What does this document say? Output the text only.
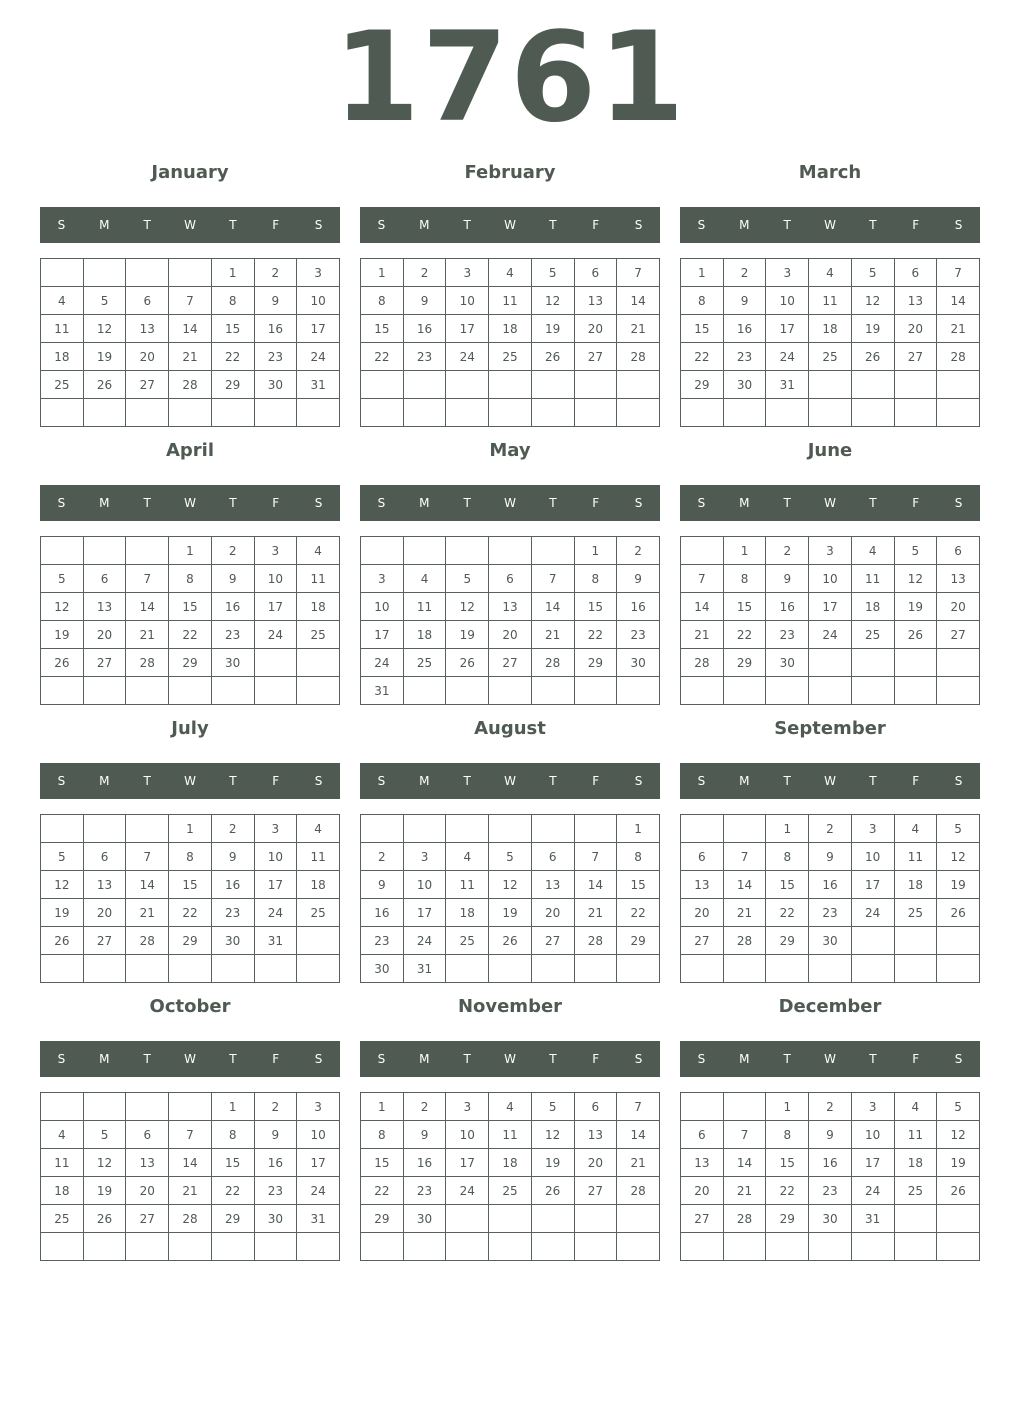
1761
January
S	M	T	W	T	F	S
				1	2	3
4	5	6	7	8	9	10
11	12	13	14	15	16	17
18	19	20	21	22	23	24
25	26	27	28	29	30	31

February
S	M	T	W	T	F	S
1	2	3	4	5	6	7
8	9	10	11	12	13	14
15	16	17	18	19	20	21
22	23	24	25	26	27	28

March
S	M	T	W	T	F	S
1	2	3	4	5	6	7
8	9	10	11	12	13	14
15	16	17	18	19	20	21
22	23	24	25	26	27	28
29	30	31				

April
S	M	T	W	T	F	S
			1	2	3	4
5	6	7	8	9	10	11
12	13	14	15	16	17	18
19	20	21	22	23	24	25
26	27	28	29	30		

May
S	M	T	W	T	F	S
					1	2
3	4	5	6	7	8	9
10	11	12	13	14	15	16
17	18	19	20	21	22	23
24	25	26	27	28	29	30
31						
June
S	M	T	W	T	F	S
	1	2	3	4	5	6
7	8	9	10	11	12	13
14	15	16	17	18	19	20
21	22	23	24	25	26	27
28	29	30				

July
S	M	T	W	T	F	S
			1	2	3	4
5	6	7	8	9	10	11
12	13	14	15	16	17	18
19	20	21	22	23	24	25
26	27	28	29	30	31	

August
S	M	T	W	T	F	S
						1
2	3	4	5	6	7	8
9	10	11	12	13	14	15
16	17	18	19	20	21	22
23	24	25	26	27	28	29
30	31					
September
S	M	T	W	T	F	S
		1	2	3	4	5
6	7	8	9	10	11	12
13	14	15	16	17	18	19
20	21	22	23	24	25	26
27	28	29	30			

October
S	M	T	W	T	F	S
				1	2	3
4	5	6	7	8	9	10
11	12	13	14	15	16	17
18	19	20	21	22	23	24
25	26	27	28	29	30	31

November
S	M	T	W	T	F	S
1	2	3	4	5	6	7
8	9	10	11	12	13	14
15	16	17	18	19	20	21
22	23	24	25	26	27	28
29	30					

December
S	M	T	W	T	F	S
		1	2	3	4	5
6	7	8	9	10	11	12
13	14	15	16	17	18	19
20	21	22	23	24	25	26
27	28	29	30	31		
